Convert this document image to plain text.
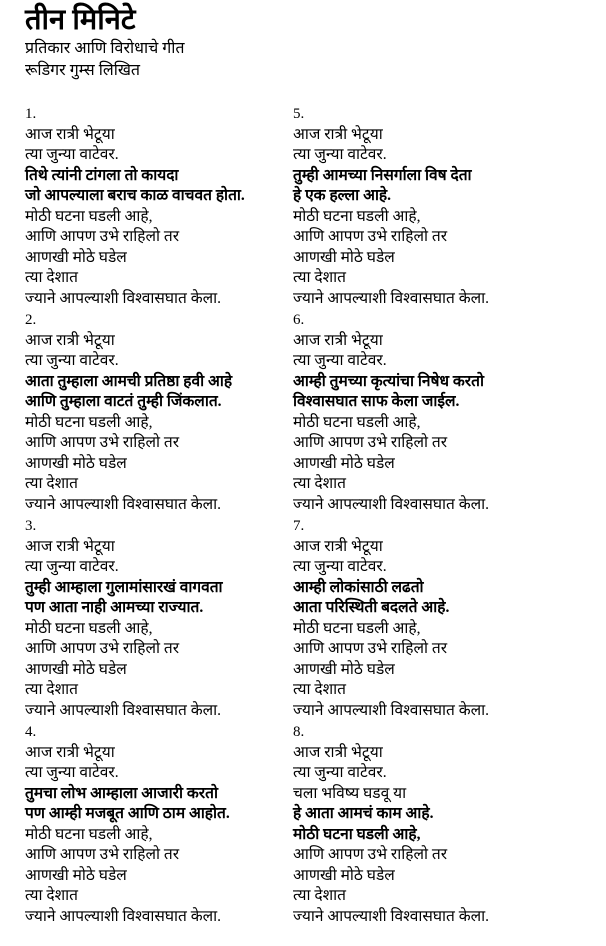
तीन मिनिटे
प्रतिकार आणि विरोधाचे गीत
रूडिगर गुम्स लिखित
1.
आज रात्री भेटूया
त्या जुन्या वाटेवर.
तिथे त्यांनी टांगला तो कायदा
जो आपल्याला बराच काळ वाचवत होता.
मोठी घटना घडली आहे,
आणि आपण उभे राहिलो तर
आणखी मोठे घडेल
त्या देशात
ज्याने आपल्याशी विश्वासघात केला.
2.
आज रात्री भेटूया
त्या जुन्या वाटेवर.
आता तुम्हाला आमची प्रतिष्ठा हवी आहे
आणि तुम्हाला वाटतं तुम्ही जिंकलात.
मोठी घटना घडली आहे,
आणि आपण उभे राहिलो तर
आणखी मोठे घडेल
त्या देशात
ज्याने आपल्याशी विश्वासघात केला.
3.
आज रात्री भेटूया
त्या जुन्या वाटेवर.
तुम्ही आम्हाला गुलामांसारखं वागवता
पण आता नाही आमच्या राज्यात.
मोठी घटना घडली आहे,
आणि आपण उभे राहिलो तर
आणखी मोठे घडेल
त्या देशात
ज्याने आपल्याशी विश्वासघात केला.
4.
आज रात्री भेटूया
त्या जुन्या वाटेवर.
तुमचा लोभ आम्हाला आजारी करतो
पण आम्ही मजबूत आणि ठाम आहोत.
मोठी घटना घडली आहे,
आणि आपण उभे राहिलो तर
आणखी मोठे घडेल
त्या देशात
ज्याने आपल्याशी विश्वासघात केला.
5.
आज रात्री भेटूया
त्या जुन्या वाटेवर.
तुम्ही आमच्या निसर्गाला विष देता
हे एक हल्ला आहे.
मोठी घटना घडली आहे,
आणि आपण उभे राहिलो तर
आणखी मोठे घडेल
त्या देशात
ज्याने आपल्याशी विश्वासघात केला.
6.
आज रात्री भेटूया
त्या जुन्या वाटेवर.
आम्ही तुमच्या कृत्यांचा निषेध करतो
विश्वासघात साफ केला जाईल.
मोठी घटना घडली आहे,
आणि आपण उभे राहिलो तर
आणखी मोठे घडेल
त्या देशात
ज्याने आपल्याशी विश्वासघात केला.
7.
आज रात्री भेटूया
त्या जुन्या वाटेवर.
आम्ही लोकांसाठी लढतो
आता परिस्थिती बदलते आहे.
मोठी घटना घडली आहे,
आणि आपण उभे राहिलो तर
आणखी मोठे घडेल
त्या देशात
ज्याने आपल्याशी विश्वासघात केला.
8.
आज रात्री भेटूया
त्या जुन्या वाटेवर.
चला भविष्य घडवू या
हे आता आमचं काम आहे.
मोठी घटना घडली आहे,
आणि आपण उभे राहिलो तर
आणखी मोठे घडेल
त्या देशात
ज्याने आपल्याशी विश्वासघात केला.
